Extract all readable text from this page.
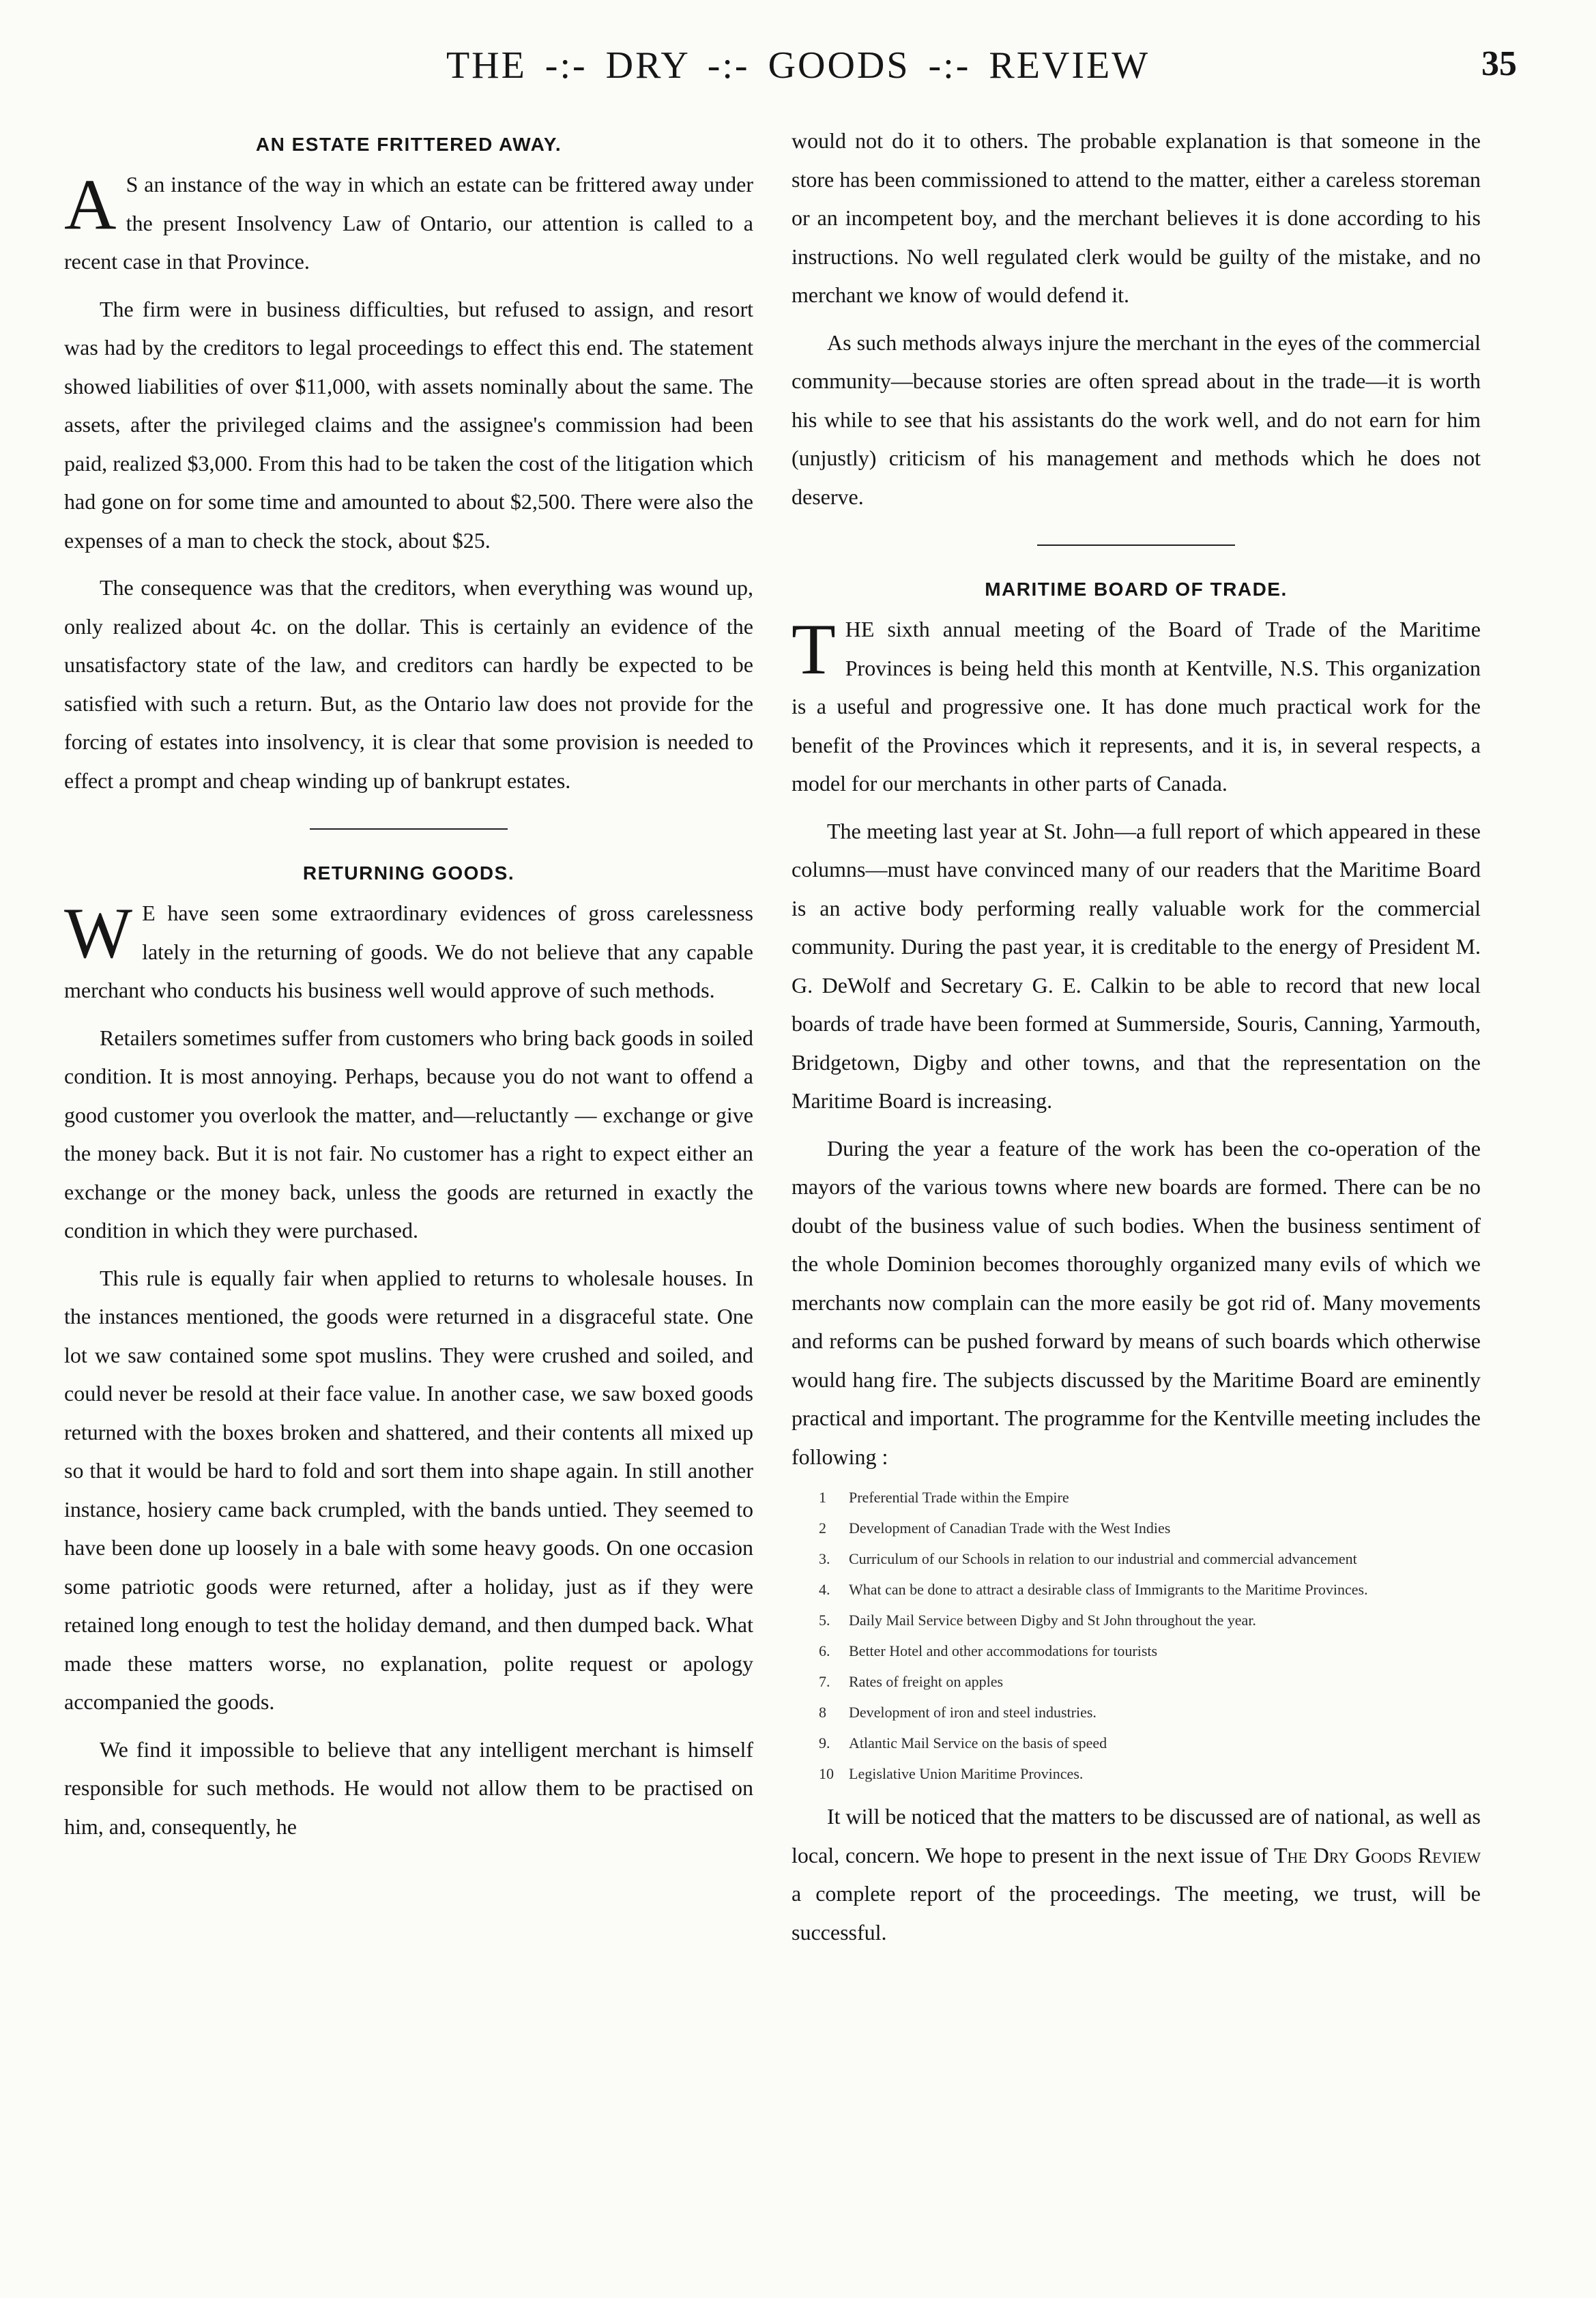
THE -:- DRY -:- GOODS -:- REVIEW	35
AN ESTATE FRITTERED AWAY.

A S an instance of the way in which an estate can be frittered away under the present Insolvency Law of Ontario, our attention is called to a recent case in that Province.

The firm were in business difficulties, but refused to assign, and resort was had by the creditors to legal proceedings to effect this end. The statement showed liabilities of over $11,000, with assets nominally about the same. The assets, after the privileged claims and the assignee's commission had been paid, realized $3,000. From this had to be taken the cost of the litigation which had gone on for some time and amounted to about $2,500. There were also the expenses of a man to check the stock, about $25.

The consequence was that the creditors, when everything was wound up, only realized about 4c. on the dollar. This is certainly an evidence of the unsatisfactory state of the law, and creditors can hardly be expected to be satisfied with such a return. But, as the Ontario law does not provide for the forcing of estates into insolvency, it is clear that some provision is needed to effect a prompt and cheap winding up of bankrupt estates.

RETURNING GOODS.

W E have seen some extraordinary evidences of gross carelessness lately in the returning of goods. We do not believe that any capable merchant who conducts his business well would approve of such methods.

Retailers sometimes suffer from customers who bring back goods in soiled condition. It is most annoying. Perhaps, because you do not want to offend a good customer you overlook the matter, and—reluctantly — exchange or give the money back. But it is not fair. No customer has a right to expect either an exchange or the money back, unless the goods are returned in exactly the condition in which they were purchased.

This rule is equally fair when applied to returns to wholesale houses. In the instances mentioned, the goods were returned in a disgraceful state. One lot we saw contained some spot muslins. They were crushed and soiled, and could never be resold at their face value. In another case, we saw boxed goods returned with the boxes broken and shattered, and their contents all mixed up so that it would be hard to fold and sort them into shape again. In still another instance, hosiery came back crumpled, with the bands untied. They seemed to have been done up loosely in a bale with some heavy goods. On one occasion some patriotic goods were returned, after a holiday, just as if they were retained long enough to test the holiday demand, and then dumped back. What made these matters worse, no explanation, polite request or apology accompanied the goods.

We find it impossible to believe that any intelligent merchant is himself responsible for such methods. He would not allow them to be practised on him, and, consequently, he

would not do it to others. The probable explanation is that someone in the store has been commissioned to attend to the matter, either a careless storeman or an incompetent boy, and the merchant believes it is done according to his instructions. No well regulated clerk would be guilty of the mistake, and no merchant we know of would defend it.

As such methods always injure the merchant in the eyes of the commercial community—because stories are often spread about in the trade—it is worth his while to see that his assistants do the work well, and do not earn for him (unjustly) criticism of his management and methods which he does not deserve.

MARITIME BOARD OF TRADE.

THE sixth annual meeting of the Board of Trade of the Maritime Provinces is being held this month at Kentville, N.S. This organization is a useful and progressive one. It has done much practical work for the benefit of the Provinces which it represents, and it is, in several respects, a model for our merchants in other parts of Canada.

The meeting last year at St. John—a full report of which appeared in these columns—must have convinced many of our readers that the Maritime Board is an active body performing really valuable work for the commercial community. During the past year, it is creditable to the energy of President M. G. DeWolf and Secretary G. E. Calkin to be able to record that new local boards of trade have been formed at Summerside, Souris, Canning, Yarmouth, Bridgetown, Digby and other towns, and that the representation on the Maritime Board is increasing.

During the year a feature of the work has been the co-operation of the mayors of the various towns where new boards are formed. There can be no doubt of the business value of such bodies. When the business sentiment of the whole Dominion becomes thoroughly organized many evils of which we merchants now complain can the more easily be got rid of. Many movements and reforms can be pushed forward by means of such boards which otherwise would hang fire. The subjects discussed by the Maritime Board are eminently practical and important. The programme for the Kentville meeting includes the following :

1	Preferential Trade within the Empire
2	Development of Canadian Trade with the West Indies
3.	Curriculum of our Schools in relation to our industrial and commercial advancement
4.	What can be done to attract a desirable class of Immigrants to the Maritime Provinces.
5.	Daily Mail Service between Digby and St John throughout the year.
6.	Better Hotel and other accommodations for tourists
7.	Rates of freight on apples
8	Development of iron and steel industries.
9.	Atlantic Mail Service on the basis of speed
10	Legislative Union Maritime Provinces.

It will be noticed that the matters to be discussed are of national, as well as local, concern. We hope to present in the next issue of The Dry Goods Review a complete report of the proceedings. The meeting, we trust, will be successful.
